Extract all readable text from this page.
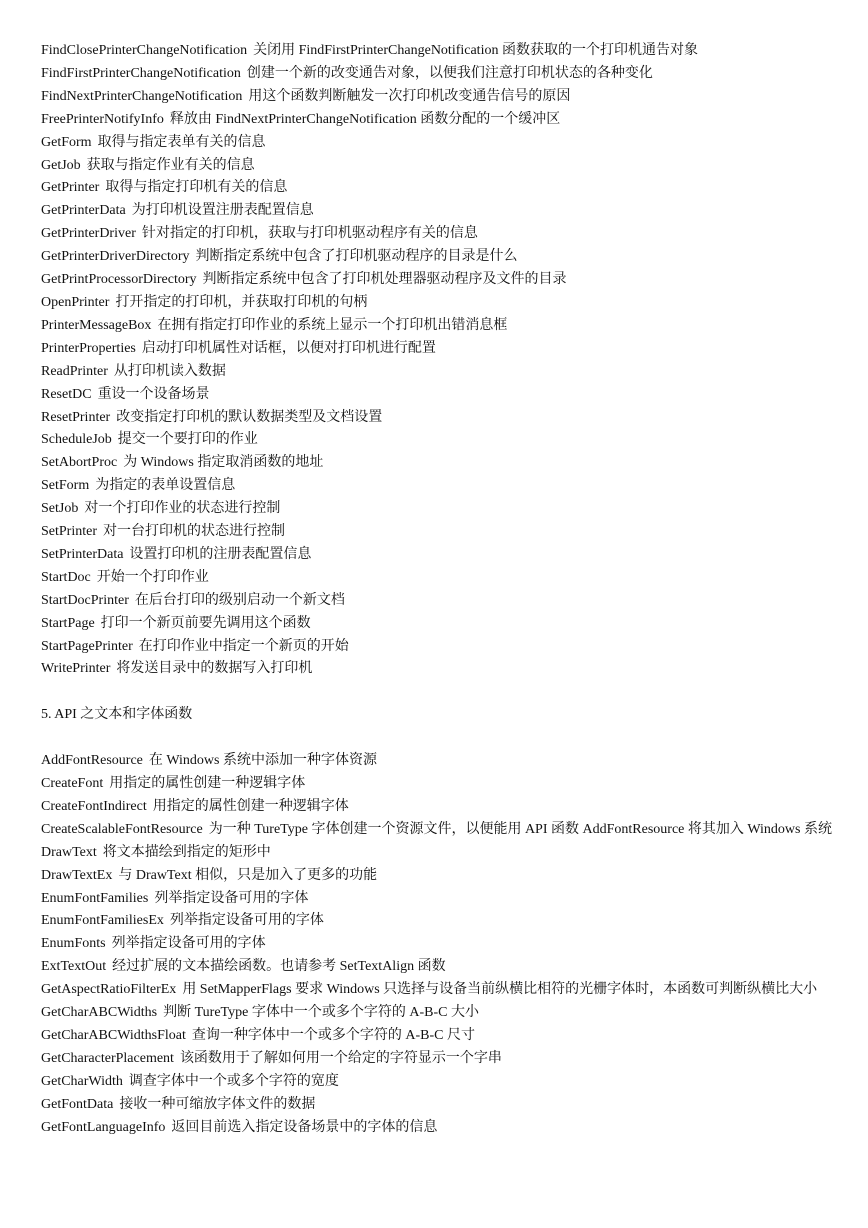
FindClosePrinterChangeNotification 关闭用 FindFirstPrinterChangeNotification 函数获取的一个打印机通告对象
FindFirstPrinterChangeNotification 创建一个新的改变通告对象，以便我们注意打印机状态的各种变化
FindNextPrinterChangeNotification 用这个函数判断触发一次打印机改变通告信号的原因
FreePrinterNotifyInfo 释放由 FindNextPrinterChangeNotification 函数分配的一个缓冲区
GetForm 取得与指定表单有关的信息
GetJob 获取与指定作业有关的信息
GetPrinter 取得与指定打印机有关的信息
GetPrinterData 为打印机设置注册表配置信息
GetPrinterDriver 针对指定的打印机，获取与打印机驱动程序有关的信息
GetPrinterDriverDirectory 判断指定系统中包含了打印机驱动程序的目录是什么
GetPrintProcessorDirectory 判断指定系统中包含了打印机处理器驱动程序及文件的目录
OpenPrinter 打开指定的打印机，并获取打印机的句柄
PrinterMessageBox 在拥有指定打印作业的系统上显示一个打印机出错消息框
PrinterProperties 启动打印机属性对话框，以便对打印机进行配置
ReadPrinter 从打印机读入数据
ResetDC 重设一个设备场景
ResetPrinter 改变指定打印机的默认数据类型及文档设置
ScheduleJob 提交一个要打印的作业
SetAbortProc 为 Windows 指定取消函数的地址
SetForm 为指定的表单设置信息
SetJob 对一个打印作业的状态进行控制
SetPrinter 对一台打印机的状态进行控制
SetPrinterData 设置打印机的注册表配置信息
StartDoc 开始一个打印作业
StartDocPrinter 在后台打印的级别启动一个新文档
StartPage 打印一个新页前要先调用这个函数
StartPagePrinter 在打印作业中指定一个新页的开始
WritePrinter 将发送目录中的数据写入打印机
5. API 之文本和字体函数
AddFontResource 在 Windows 系统中添加一种字体资源
CreateFont 用指定的属性创建一种逻辑字体
CreateFontIndirect 用指定的属性创建一种逻辑字体
CreateScalableFontResource 为一种 TureType 字体创建一个资源文件，以便能用 API 函数 AddFontResource 将其加入 Windows 系统
DrawText 将文本描绘到指定的矩形中
DrawTextEx 与 DrawText 相似，只是加入了更多的功能
EnumFontFamilies 列举指定设备可用的字体
EnumFontFamiliesEx 列举指定设备可用的字体
EnumFonts 列举指定设备可用的字体
ExtTextOut 经过扩展的文本描绘函数。也请参考 SetTextAlign 函数
GetAspectRatioFilterEx 用 SetMapperFlags 要求 Windows 只选择与设备当前纵横比相符的光栅字体时，本函数可判断纵横比大小
GetCharABCWidths 判断 TureType 字体中一个或多个字符的 A-B-C 大小
GetCharABCWidthsFloat 查询一种字体中一个或多个字符的 A-B-C 尺寸
GetCharacterPlacement 该函数用于了解如何用一个给定的字符显示一个字串
GetCharWidth 调查字体中一个或多个字符的宽度
GetFontData 接收一种可缩放字体文件的数据
GetFontLanguageInfo 返回目前选入指定设备场景中的字体的信息
